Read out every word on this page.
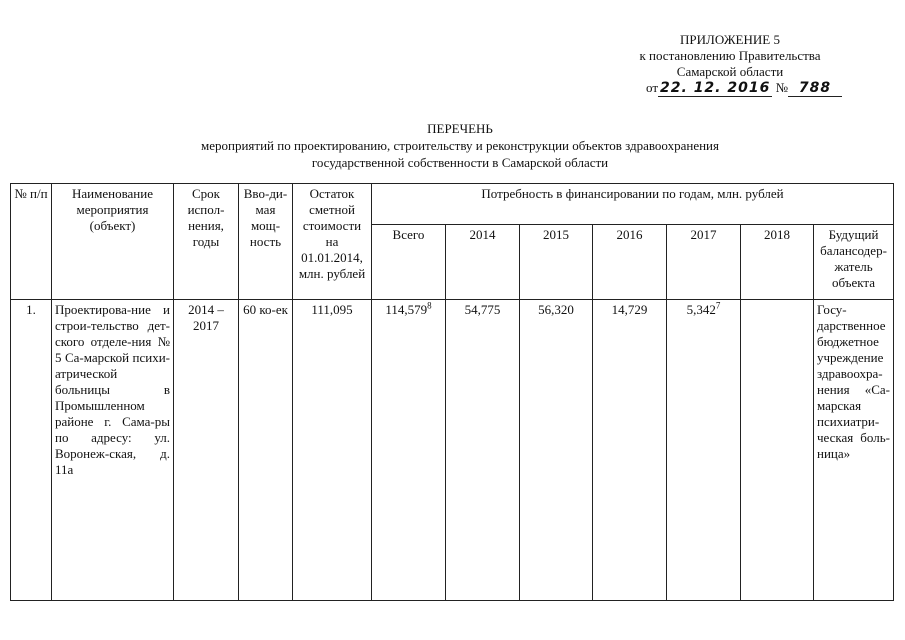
ПРИЛОЖЕНИЕ 5
к постановлению Правительства
Самарской области
от 22. 12. 2016 № 788
ПЕРЕЧЕНЬ
мероприятий по проектированию, строительству и реконструкции объектов здравоохранения
государственной собственности в Самарской области
№ п/п	Наименование мероприятия (объект)	Срок испол-нения, годы	Вво-ди-мая мощ-ность	Остаток сметной стоимости на 01.01.2014, млн. рублей	Потребность в финансировании по годам, млн. рублей						
					Всего	2014	2015	2016	2017	2018	Будущий балансодер-жатель объекта
1.	Проектирова-ние и строи-тельство дет-ского отделе-ния № 5 Са-марской психи-атрической больницы в Промышленном районе г. Сама-ры по адресу: ул. Воронеж-ская, д. 11а	2014 – 2017	60 ко-ек	111,095	114,579$^8$	54,775	56,320	14,729	5,342$^7$		Госу-дарственное бюджетное учреждение здравоохра-нения «Са-марская психиатри-ческая боль-ница»
